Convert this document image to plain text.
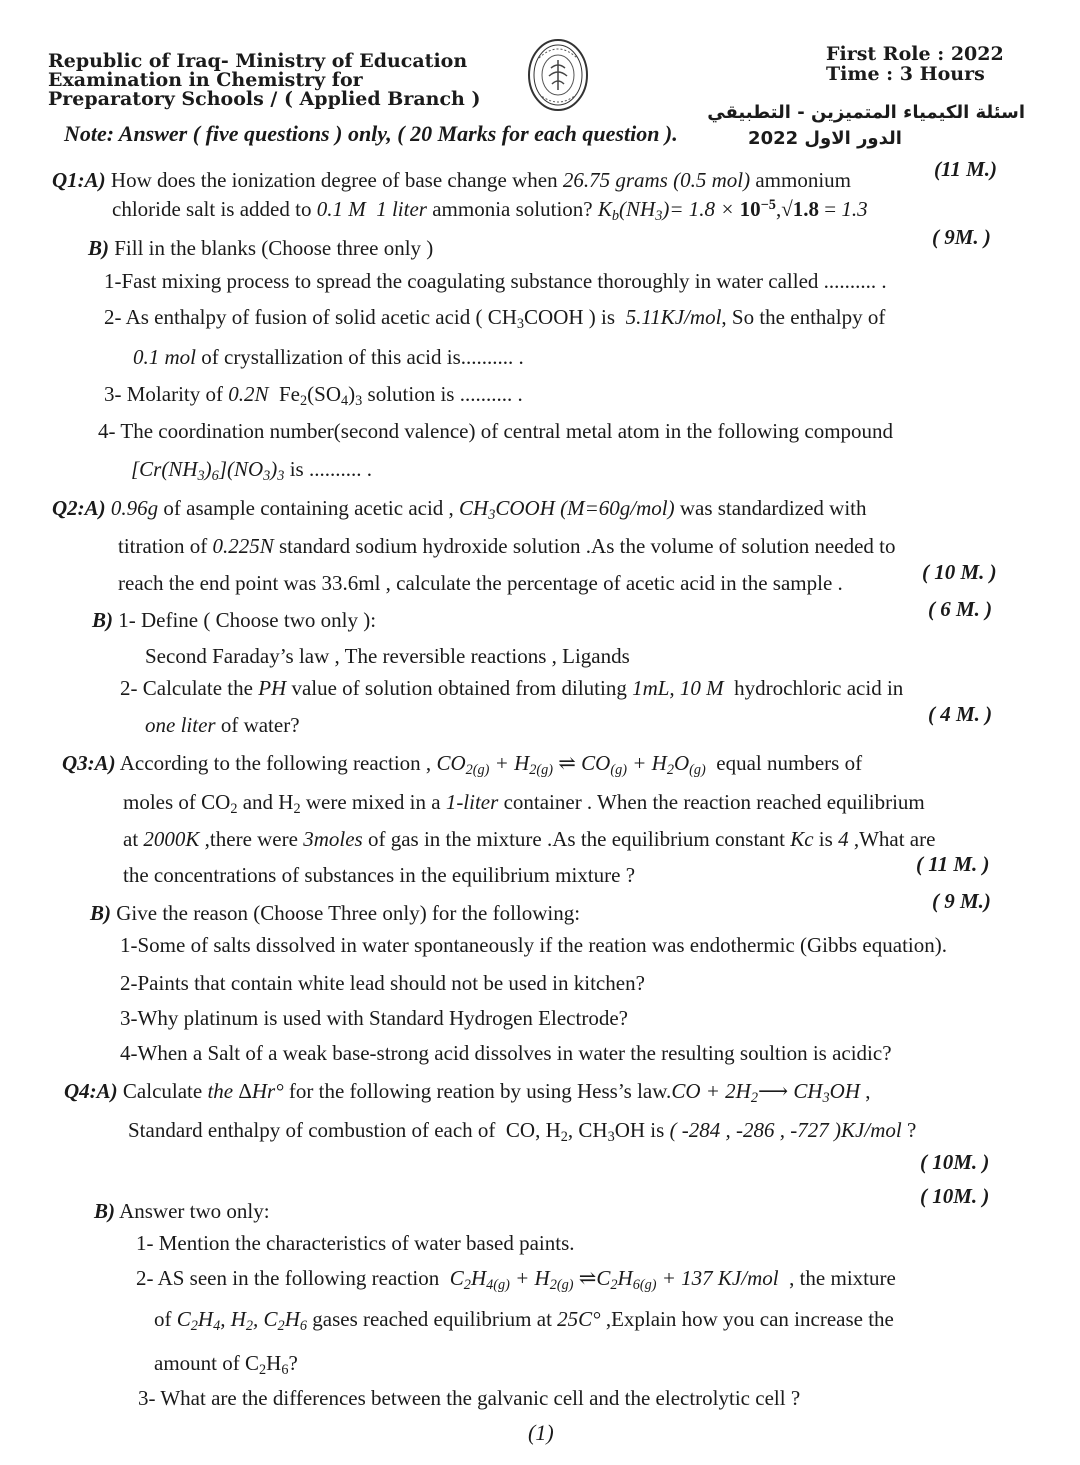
Republic of Iraq- Ministry of Education
Examination in Chemistry for
Preparatory Schools / ( Applied Branch )
First Role : 2022
Time : 3 Hours
اسئلة الكيمياء المتميزين - التطبيقي
الدور الاول 2022
Note: Answer ( five questions ) only, ( 20 Marks for each question ).
Q1:A) How does the ionization degree of base change when 26.75 grams (0.5 mol) ammonium	(11 M.)
chloride salt is added to 0.1 M  1 liter ammonia solution? $K_b(NH_3)= 1.8 \times 10^{-5},√1.8 = 1.3$
B) Fill in the blanks (Choose three only )	( 9M. )
1-Fast mixing process to spread the coagulating substance thoroughly in water called .......... .
2- As enthalpy of fusion of solid acetic acid ( $CH_3COOH$ ) is  5.11KJ/mol, So the enthalpy of
0.1 mol of crystallization of this acid is.......... .
3- Molarity of 0.2N  $Fe_2(SO_4)_3$ solution is .......... .
4- The coordination number(second valence) of central metal atom in the following compound
$[Cr(NH_3)_6](NO_3)_3$ is .......... .
Q2:A) 0.96g of asample containing acetic acid , $CH_3COOH$ (M=60g/mol) was standardized with
titration of 0.225N standard sodium hydroxide solution .As the volume of solution needed to
reach the end point was 33.6ml , calculate the percentage of acetic acid in the sample .	( 10 M. )
B) 1- Define ( Choose two only ):	( 6 M. )
Second Faraday’s law , The reversible reactions , Ligands
2- Calculate the PH value of solution obtained from diluting 1mL, 10 M  hydrochloric acid in
one liter of water?	( 4 M. )
Q3:A) According to the following reaction , $CO_{2(g)} + H_{2(g)}$ ⇌ $CO_{(g)} + H_2O_{(g)}$  equal numbers of
moles of $CO_2$ and $H_2$ were mixed in a 1-liter container . When the reaction reached equilibrium
at 2000K ,there were 3moles of gas in the mixture .As the equilibrium constant Kc is 4 ,What are
the concentrations of substances in the equilibrium mixture ?	( 11 M. )
B) Give the reason (Choose Three only) for the following:	( 9 M.)
1-Some of salts dissolved in water spontaneously if the reation was endothermic (Gibbs equation).
2-Paints that contain white lead should not be used in kitchen?
3-Why platinum is used with Standard Hydrogen Electrode?
4-When a Salt of a weak base-strong acid dissolves in water the resulting soultion is acidic?
Q4:A) Calculate the ΔHr° for the following reation by using Hess’s $law.CO + 2H_2⟶$ $CH_3OH$ ,
Standard enthalpy of combustion of each of  CO, $H_2$, $CH_3OH$ is ( -284 , -286 , -727 )KJ/mol ?
( 10M. )
B) Answer two only:
( 10M. )
1- Mention the characteristics of water based paints.
2- AS seen in the following reaction  $C_2H_{4(g)} + H_{2(g)}$ $\rightleftharpoons C_2H_{6(g)} + 137$ KJ/mol  , the mixture
of $C_2H_4$, $H_2$, $C_2H_6$ gases reached equilibrium at 25C° ,Explain how you can increase the
amount of $C_2H_6$?
3- What are the differences between the galvanic cell and the electrolytic cell ?
(1)
